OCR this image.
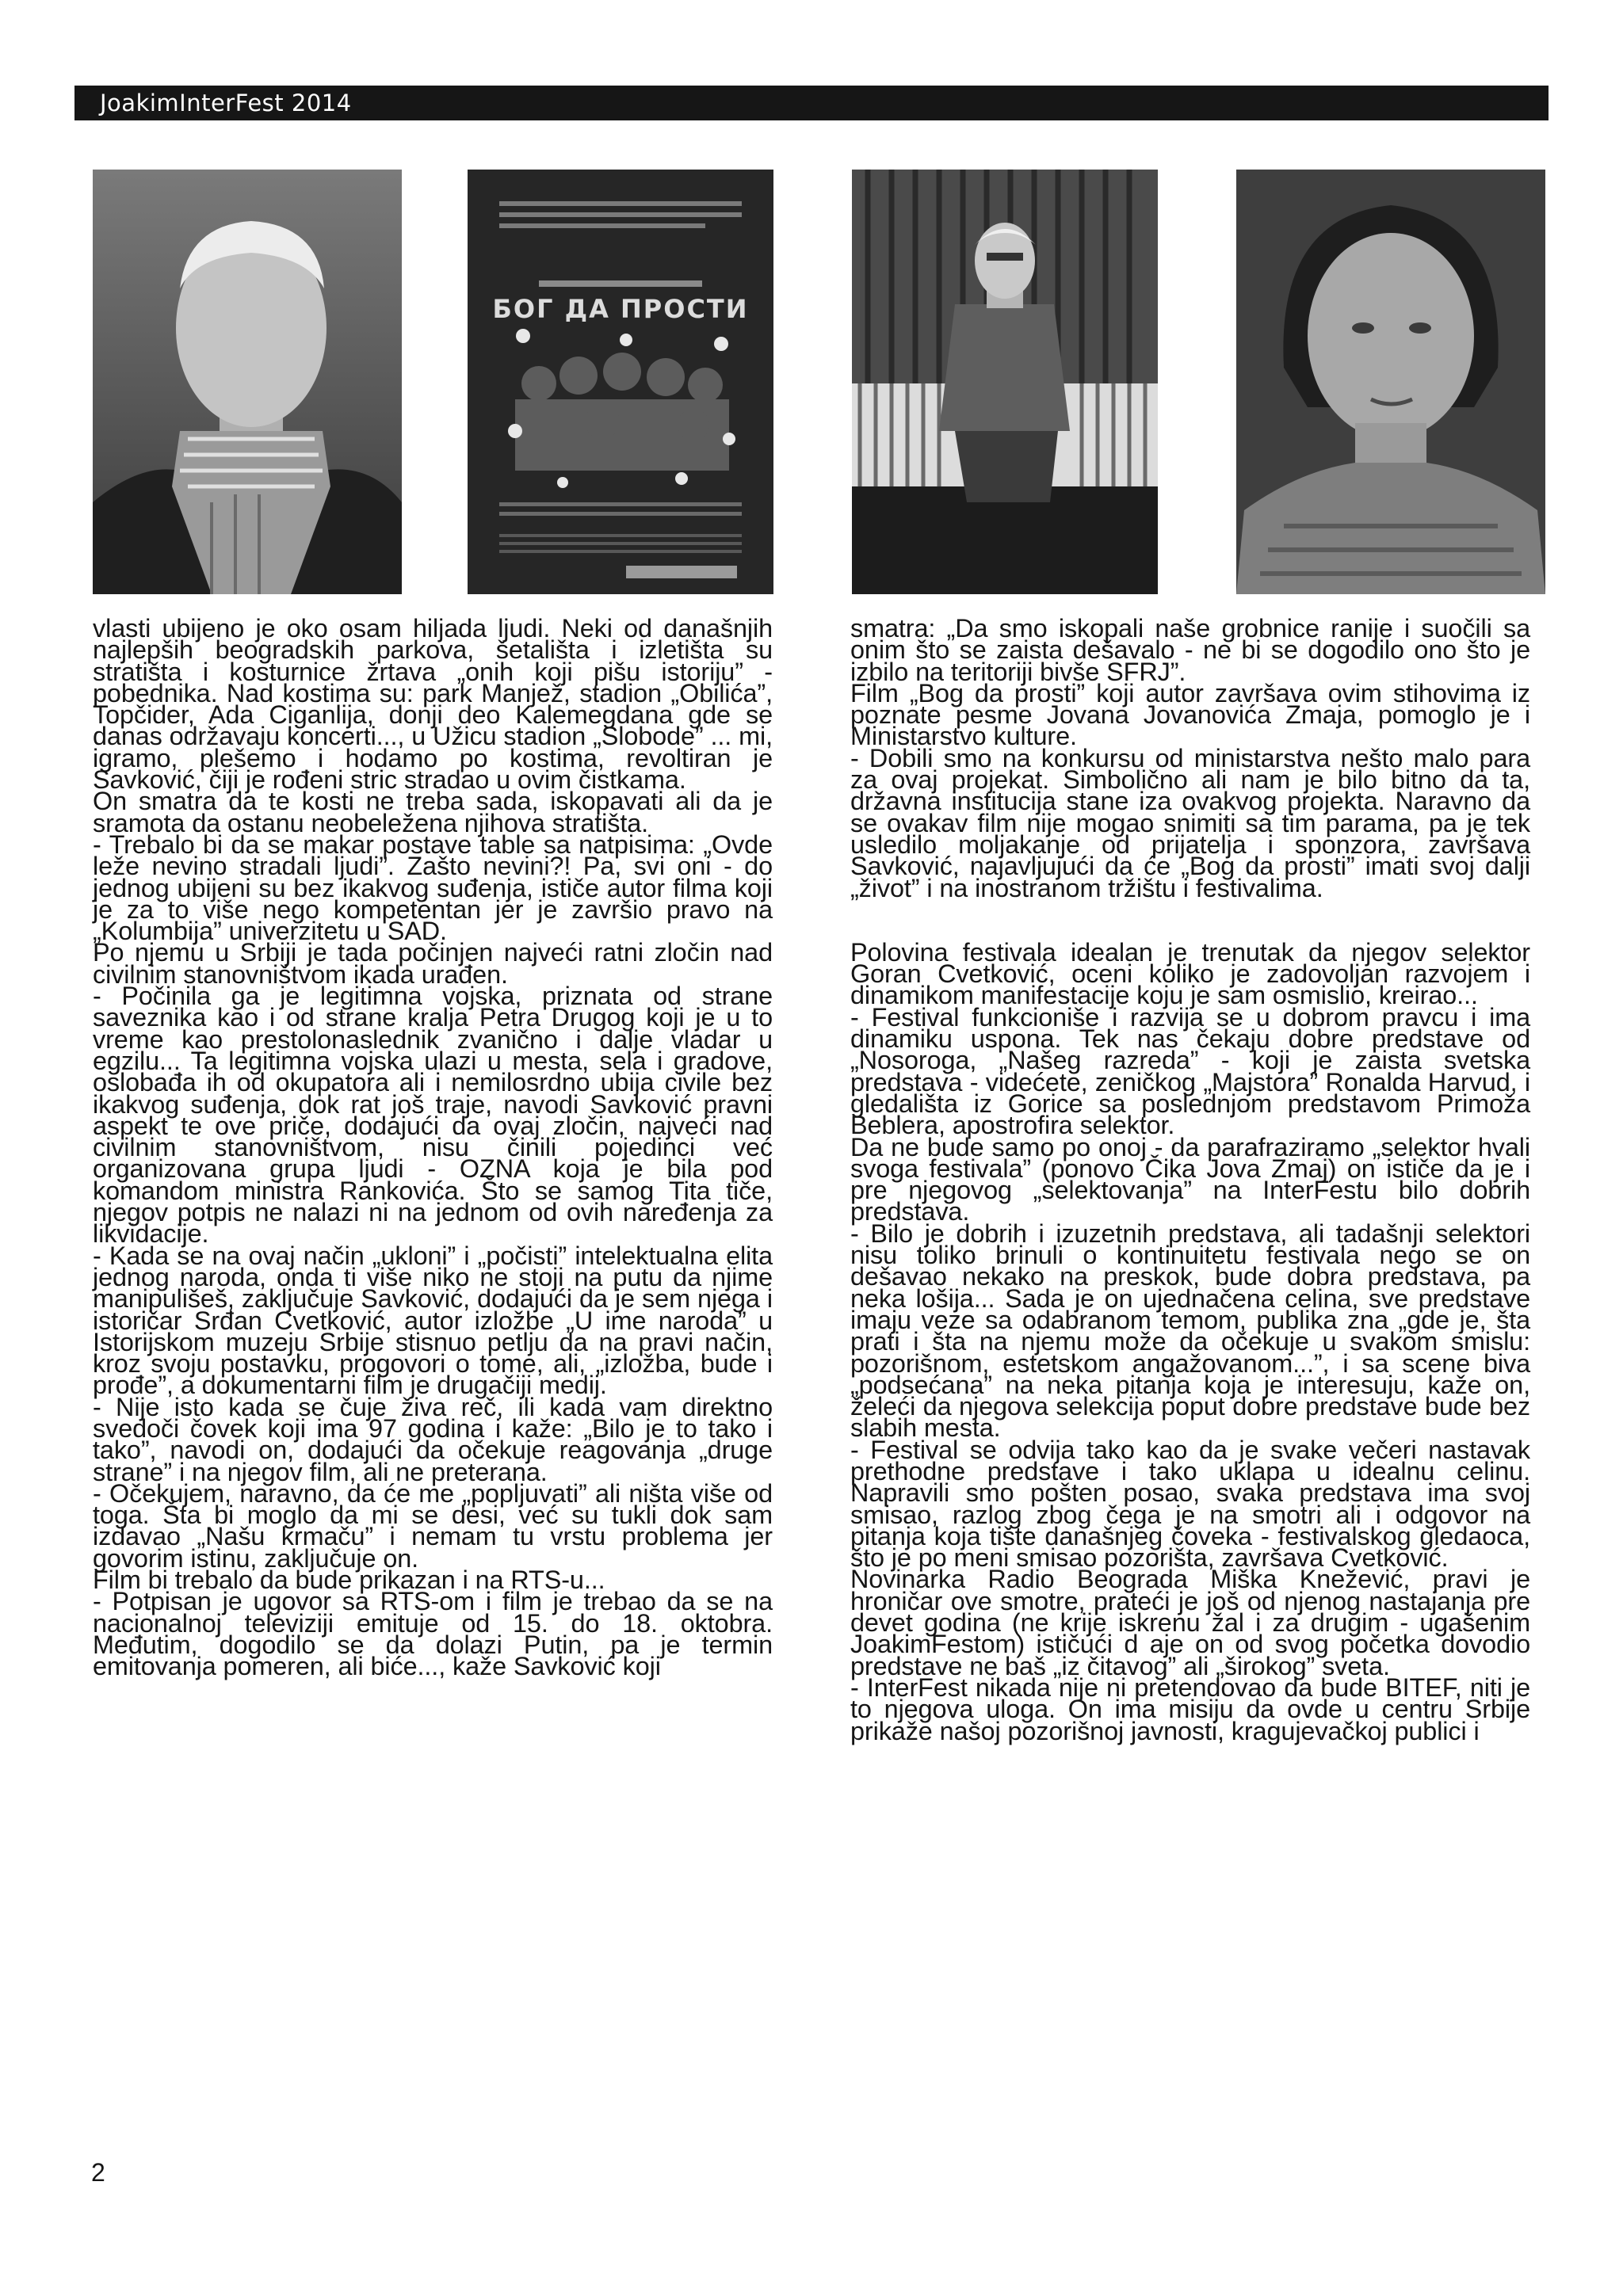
JoakimInterFest 2014
БОГ ДА ПРОСТИ

vlasti ubijeno je oko osam hiljada ljudi. Neki od današnjih najlepših beogradskih parkova, šetališta i izletišta su stratišta i kosturnice žrtava „onih koji pišu istoriju” - pobednika. Nad kostima su: park Manjež, stadion „Obilića”, Topčider, Ada Ciganlija, donji deo Kalemegdana gde se danas održavaju koncerti..., u Užicu stadion „Slobode” ... mi, igramo, plešemo i hodamo po kostima, revoltiran je Savković, čiji je rođeni stric stradao u ovim čistkama.

On smatra da te kosti ne treba sada, iskopavati ali da je sramota da ostanu neobeležena njihova stratišta.

- Trebalo bi da se makar postave table sa natpisima: „Ovde leže nevino stradali ljudi”. Zašto nevini?! Pa, svi oni - do jednog ubijeni su bez ikakvog suđenja, ističe autor filma koji je za to više nego kompetentan jer je završio pravo na „Kolumbija” univerzitetu u SAD.

Po njemu u Srbiji je tada počinjen najveći ratni zločin nad civilnim stanovništvom ikada urađen.

- Počinila ga je legitimna vojska, priznata od strane saveznika kao i od strane kralja Petra Drugog koji je u to vreme kao prestolonaslednik zvanično i dalje vladar u egzilu... Ta legitimna vojska ulazi u mesta, sela i gradove, oslobađa ih od okupatora ali i nemilosrdno ubija civile bez ikakvog suđenja, dok rat još traje, navodi Savković pravni aspekt te ove priče, dodajući da ovaj zločin, najveći nad civilnim stanovništvom, nisu činili pojedinci već organizovana grupa ljudi - OZNA koja je bila pod komandom ministra Rankovića. Što se samog Tita tiče, njegov potpis ne nalazi ni na jednom od ovih naređenja za likvidacije.

- Kada se na ovaj način „ukloni” i „počisti” intelektualna elita jednog naroda, onda ti više niko ne stoji na putu da njime manipulišeš, zaključuje Savković, dodajući da je sem njega i istoričar Srđan Cvetković, autor izložbe „U ime naroda” u Istorijskom muzeju Srbije stisnuo petlju da na pravi način, kroz svoju postavku, progovori o tome, ali, „izložba, bude i prođe”, a dokumentarni film je drugačiji medij.

- Nije isto kada se čuje živa reč, ili kada vam direktno svedoči čovek koji ima 97 godina i kaže: „Bilo je to tako i tako”, navodi on, dodajući da očekuje reagovanja „druge strane” i na njegov film, ali ne preterana.

- Očekujem, naravno, da će me „popljuvati” ali ništa više od toga. Šta bi moglo da mi se desi, već su tukli dok sam izdavao „Našu krmaču” i nemam tu vrstu problema jer govorim istinu, zaključuje on.

Film bi trebalo da bude prikazan i na RTS-u...

- Potpisan je ugovor sa RTS-om i film je trebao da se na nacionalnoj televiziji emituje od 15. do 18. oktobra. Međutim, dogodilo se da dolazi Putin, pa je termin emitovanja pomeren, ali biće..., kaže Savković koji

smatra: „Da smo iskopali naše grobnice ranije i suočili sa onim što se zaista dešavalo - ne bi se dogodilo ono što je izbilo na teritoriji bivše SFRJ”.

Film „Bog da prosti” koji autor završava ovim stihovima iz poznate pesme Jovana Jovanovića Zmaja, pomoglo je i Ministarstvo kulture.

- Dobili smo na konkursu od ministarstva nešto malo para za ovaj projekat. Simbolično ali nam je bilo bitno da ta, državna institucija stane iza ovakvog projekta. Naravno da se ovakav film nije mogao snimiti sa tim parama, pa je tek usledilo moljakanje od prijatelja i sponzora, završava Savković, najavljujući da će „Bog da prosti” imati svoj dalji „život” i na inostranom tržištu i festivalima.

Polovina festivala idealan je trenutak da njegov selektor Goran Cvetković, oceni koliko je zadovoljan razvojem i dinamikom manifestacije koju je sam osmislio, kreirao...

- Festival funkcioniše i razvija se u dobrom pravcu i ima dinamiku uspona. Tek nas čekaju dobre predstave od „Nosoroga, „Našeg razreda” - koji je zaista svetska predstava - videćete, zeničkog „Majstora” Ronalda Harvud, i gledališta iz Gorice sa poslednjom predstavom Primoža Beblera, apostrofira selektor.

Da ne bude samo po onoj - da parafraziramo „selektor hvali svoga festivala” (ponovo Čika Jova Zmaj) on ističe da je i pre njegovog „selektovanja” na InterFestu bilo dobrih predstava.

- Bilo je dobrih i izuzetnih predstava, ali tadašnji selektori nisu toliko brinuli o kontinuitetu festivala nego se on dešavao nekako na preskok, bude dobra predstava, pa neka lošija... Sada je on ujednačena celina, sve predstave imaju veze sa odabranom temom, publika zna „gde je, šta prati i šta na njemu može da očekuje u svakom smislu: pozorišnom, estetskom angažovanom...”, i sa scene biva „podsećana” na neka pitanja koja je interesuju, kaže on, želeći da njegova selekcija poput dobre predstave bude bez slabih mesta.

- Festival se odvija tako kao da je svake večeri nastavak prethodne predstave i tako uklapa u idealnu celinu. Napravili smo pošten posao, svaka predstava ima svoj smisao, razlog zbog čega je na smotri ali i odgovor na pitanja koja tište današnjeg čoveka - festivalskog gledaoca, što je po meni smisao pozorišta, završava Cvetković.

Novinarka Radio Beograda Miška Knežević, pravi je hroničar ove smotre, prateći je još od njenog nastajanja pre devet godina (ne krije iskrenu žal i za drugim - ugašenim JoakimFestom) ističući d aje on od svog početka dovodio predstave ne baš „iz čitavog” ali „širokog” sveta.

- InterFest nikada nije ni pretendovao da bude BITEF, niti je to njegova uloga. On ima misiju da ovde u centru Srbije prikaže našoj pozorišnoj javnosti, kragujevačkoj publici i

2
